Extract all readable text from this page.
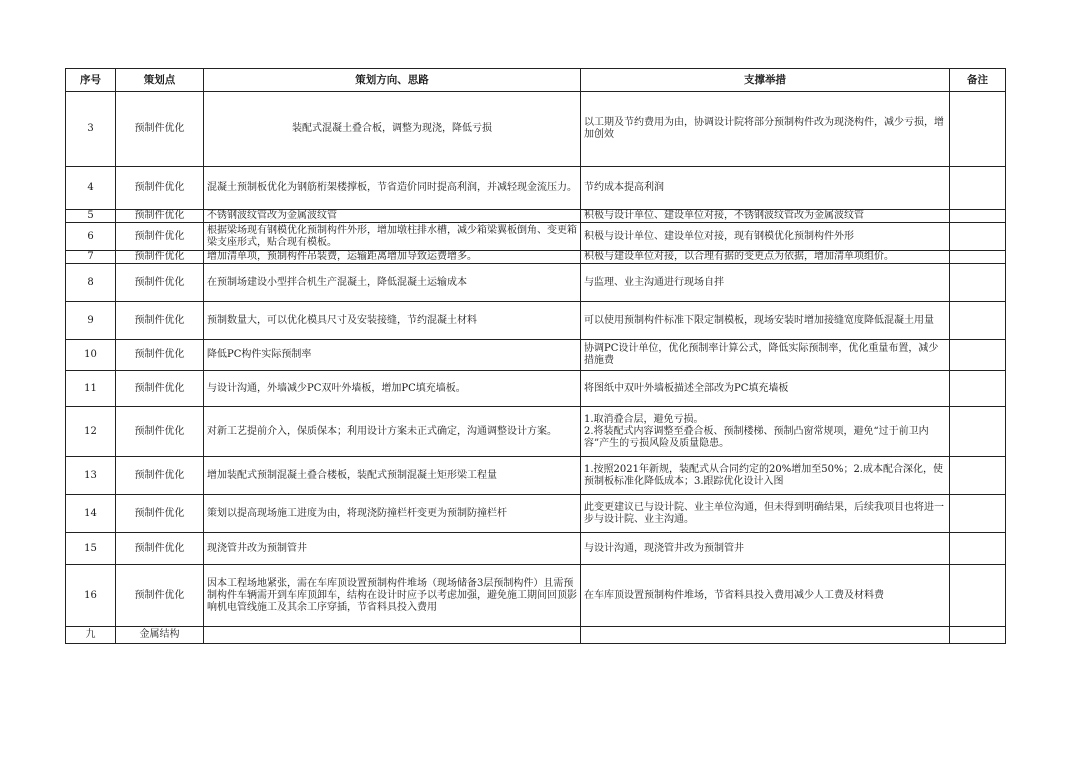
序号	策划点	策划方向、思路	支撑举措	备注
3	预制件优化	装配式混凝土叠合板，调整为现浇，降低亏损	以工期及节约费用为由，协调设计院将部分预制构件改为现浇构件，减少亏损，增加创效	
4	预制件优化	混凝土预制板优化为钢筋桁架楼撑板，节省造价同时提高利润，并减轻现金流压力。	节约成本提高利润	
5	预制件优化	不锈钢波纹管改为金属波纹管	积极与设计单位、建设单位对接，不锈钢波纹管改为金属波纹管	
6	预制件优化	根据梁场现有钢模优化预制构件外形，增加墩柱排水槽，减少箱梁翼板倒角、变更箱梁支座形式，贴合现有模板。	积极与设计单位、建设单位对接，现有钢模优化预制构件外形	
7	预制件优化	增加清单项，预制构件吊装费，运输距离增加导致运费增多。	积极与建设单位对接，以合理有据的变更点为依据，增加清单项组价。	
8	预制件优化	在预制场建设小型拌合机生产混凝土，降低混凝土运输成本	与监理、业主沟通进行现场自拌	
9	预制件优化	预制数量大，可以优化模具尺寸及安装接缝，节约混凝土材料	可以使用预制构件标准下限定制模板，现场安装时增加接缝宽度降低混凝土用量	
10	预制件优化	降低PC构件实际预制率	协调PC设计单位，优化预制率计算公式，降低实际预制率，优化重量布置，减少措施费	
11	预制件优化	与设计沟通，外墙减少PC双叶外墙板，增加PC填充墙板。	将图纸中双叶外墙板描述全部改为PC填充墙板	
12	预制件优化	对新工艺提前介入，保质保本；利用设计方案未正式确定，沟通调整设计方案。	1.取消叠合层，避免亏损。
2.将装配式内容调整至叠合板、预制楼梯、预制凸窗常规项，避免“过于前卫内容”产生的亏损风险及质量隐患。	

13	预制件优化	增加装配式预制混凝土叠合楼板，装配式预制混凝土矩形梁工程量	1.按照2021年新规，装配式从合同约定的20%增加至50%；2.成本配合深化，使预制板标准化降低成本；3.跟踪优化设计入图	
14	预制件优化	策划以提高现场施工进度为由，将现浇防撞栏杆变更为预制防撞栏杆	此变更建议已与设计院、业主单位沟通，但未得到明确结果，后续我项目也将进一步与设计院、业主沟通。	
15	预制件优化	现浇管井改为预制管井	与设计沟通，现浇管井改为预制管井	
16	预制件优化	因本工程场地紧张，需在车库顶设置预制构件堆场（现场储备3层预制构件）且需预制构件车辆需开到车库顶卸车，结构在设计时应予以考虑加强，避免施工期间回顶影响机电管线施工及其余工序穿插，节省料具投入费用	在车库顶设置预制构件堆场，节省料具投入费用减少人工费及材料费	
九	金属结构			
